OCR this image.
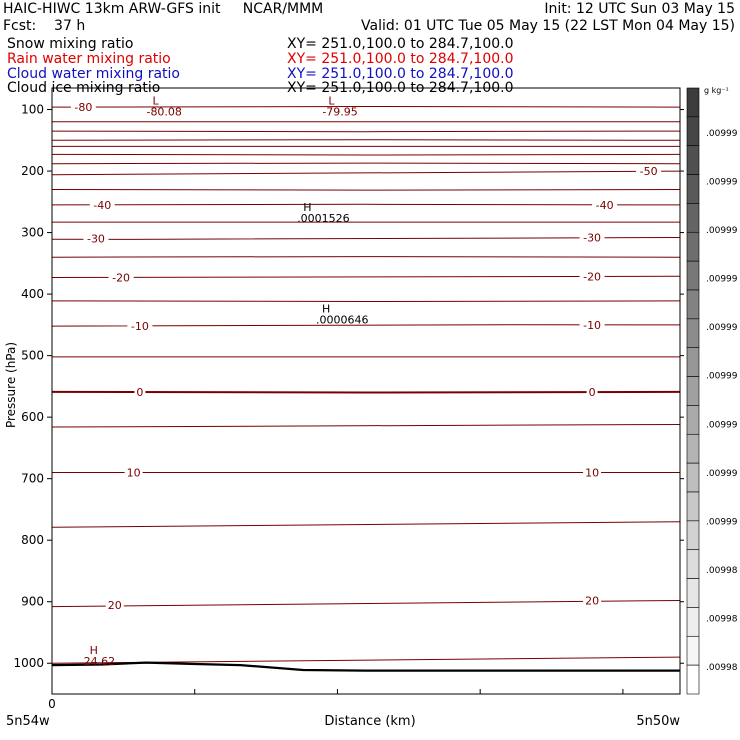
HAIC-HIWC 13km ARW-GFS init     NCAR/MMM	Init: 12 UTC Sun 03 May 15
Fcst:    37 h	Valid: 01 UTC Tue 05 May 15 (22 LST Mon 04 May 15)
Snow mixing ratio	XY= 251.0,100.0 to 284.7,100.0
Rain water mixing ratio	XY= 251.0,100.0 to 284.7,100.0
Cloud water mixing ratio	XY= 251.0,100.0 to 284.7,100.0
Cloud ice mixing ratio	XY= 251.0,100.0 to 284.7,100.0
100
200
300
400
500
600
700
800
900
1000
-80
-50
-40	-40
-30	-30
-20	-20
-10	-10
0	0
10	10
20	20
L
-80.08
L
-79.95
H
.0001526
H
.0000646
H
24.62
g kg⁻¹
.00999
.00999
.00999
.00999
.00999
.00999
.00999
.00999
.00999
.00998
.00998
.00998
Pressure (hPa)
Distance (km)
5n54w	5n50w
0
